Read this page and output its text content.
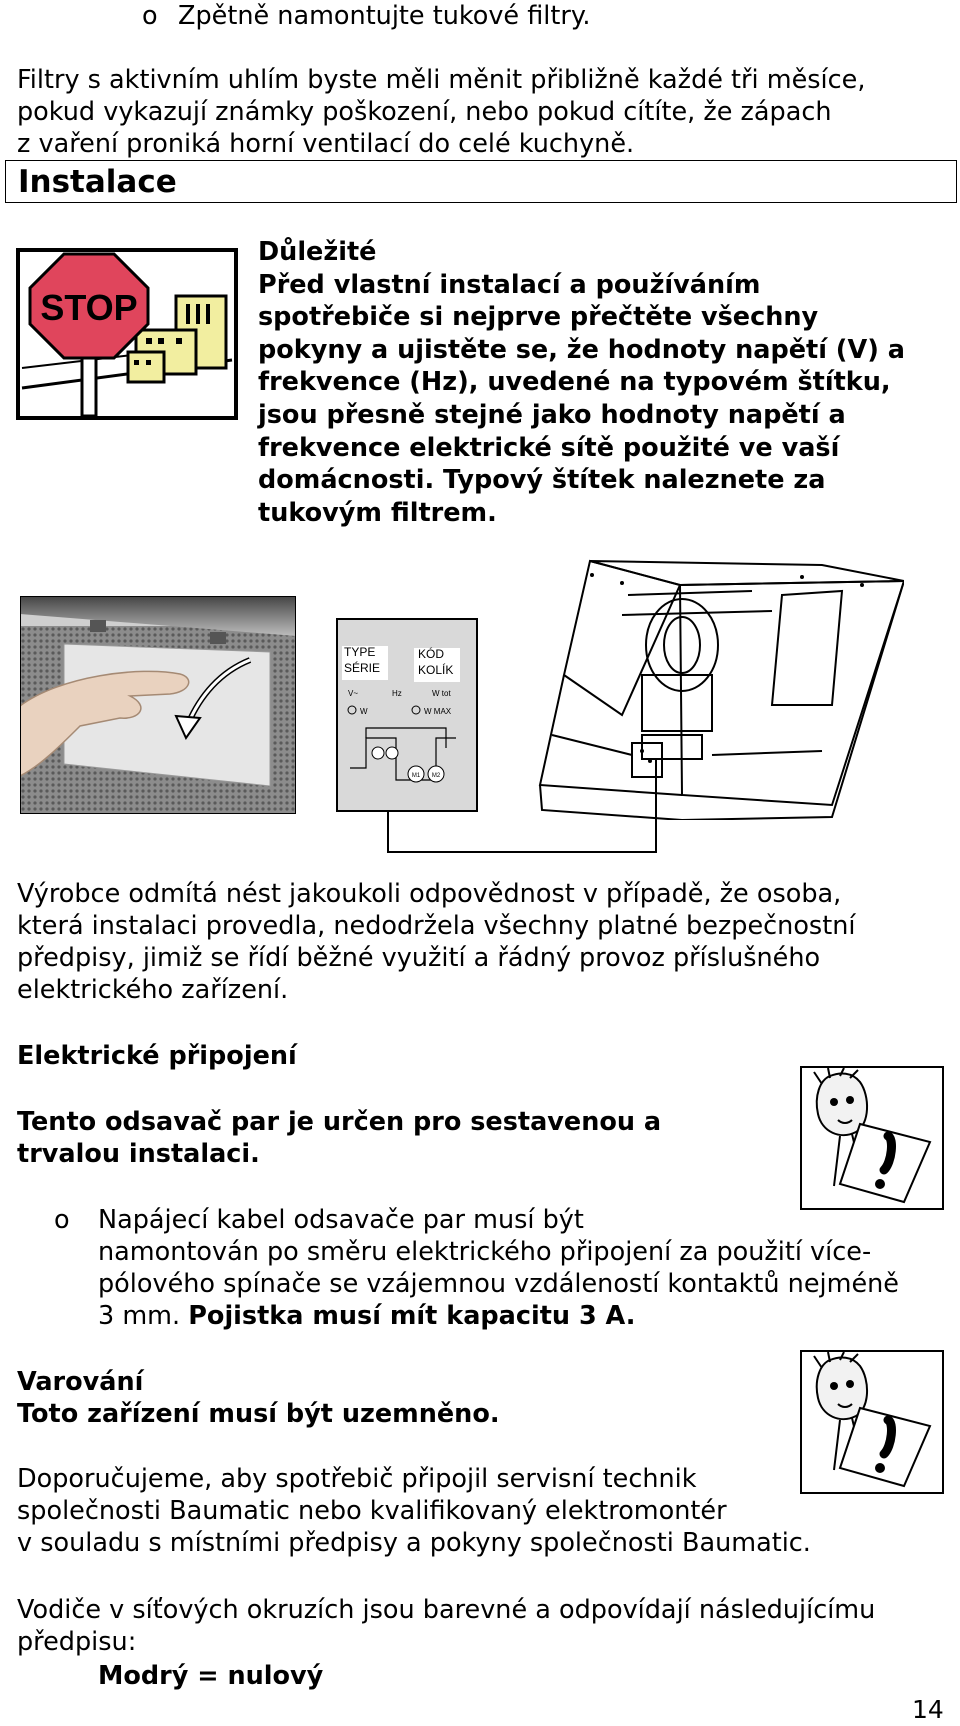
o Zpětně namontujte tukové filtry.
Filtry s aktivním uhlím byste měli měnit přibližně každé tři měsíce,
pokud vykazují známky poškození, nebo pokud cítíte, že zápach
z vaření proniká horní ventilací do celé kuchyně.
Instalace
STOP
Důležité
Před vlastní instalací a používáním
spotřebiče si nejprve přečtěte všechny
pokyny a ujistěte se, že hodnoty napětí (V) a
frekvence (Hz), uvedené na typovém štítku,
jsou přesně stejné jako hodnoty napětí a
frekvence elektrické sítě použité ve vaší
domácnosti. Typový štítek naleznete za
tukovým filtrem.
TYPE
SÉRIE
KÓD
KOLÍK
V~	Hz	W tot
W	W MAX
M1 M2
Výrobce odmítá nést jakoukoli odpovědnost v případě, že osoba,
která instalaci provedla, nedodržela všechny platné bezpečnostní
předpisy, jimiž se řídí běžné využití a řádný provoz příslušného
elektrického zařízení.
Elektrické připojení
Tento odsavač par je určen pro sestavenou a
trvalou instalaci.
o Napájecí kabel odsavače par musí být
namontován po směru elektrického připojení za použití více-
pólového spínače se vzájemnou vzdáleností kontaktů nejméně
3 mm. Pojistka musí mít kapacitu 3 A.
Varování
Toto zařízení musí být uzemněno.
Doporučujeme, aby spotřebič připojil servisní technik
společnosti Baumatic nebo kvalifikovaný elektromontér
v souladu s místními předpisy a pokyny společnosti Baumatic.
Vodiče v síťových okruzích jsou barevné a odpovídají následujícímu
předpisu:
Modrý = nulový
14
